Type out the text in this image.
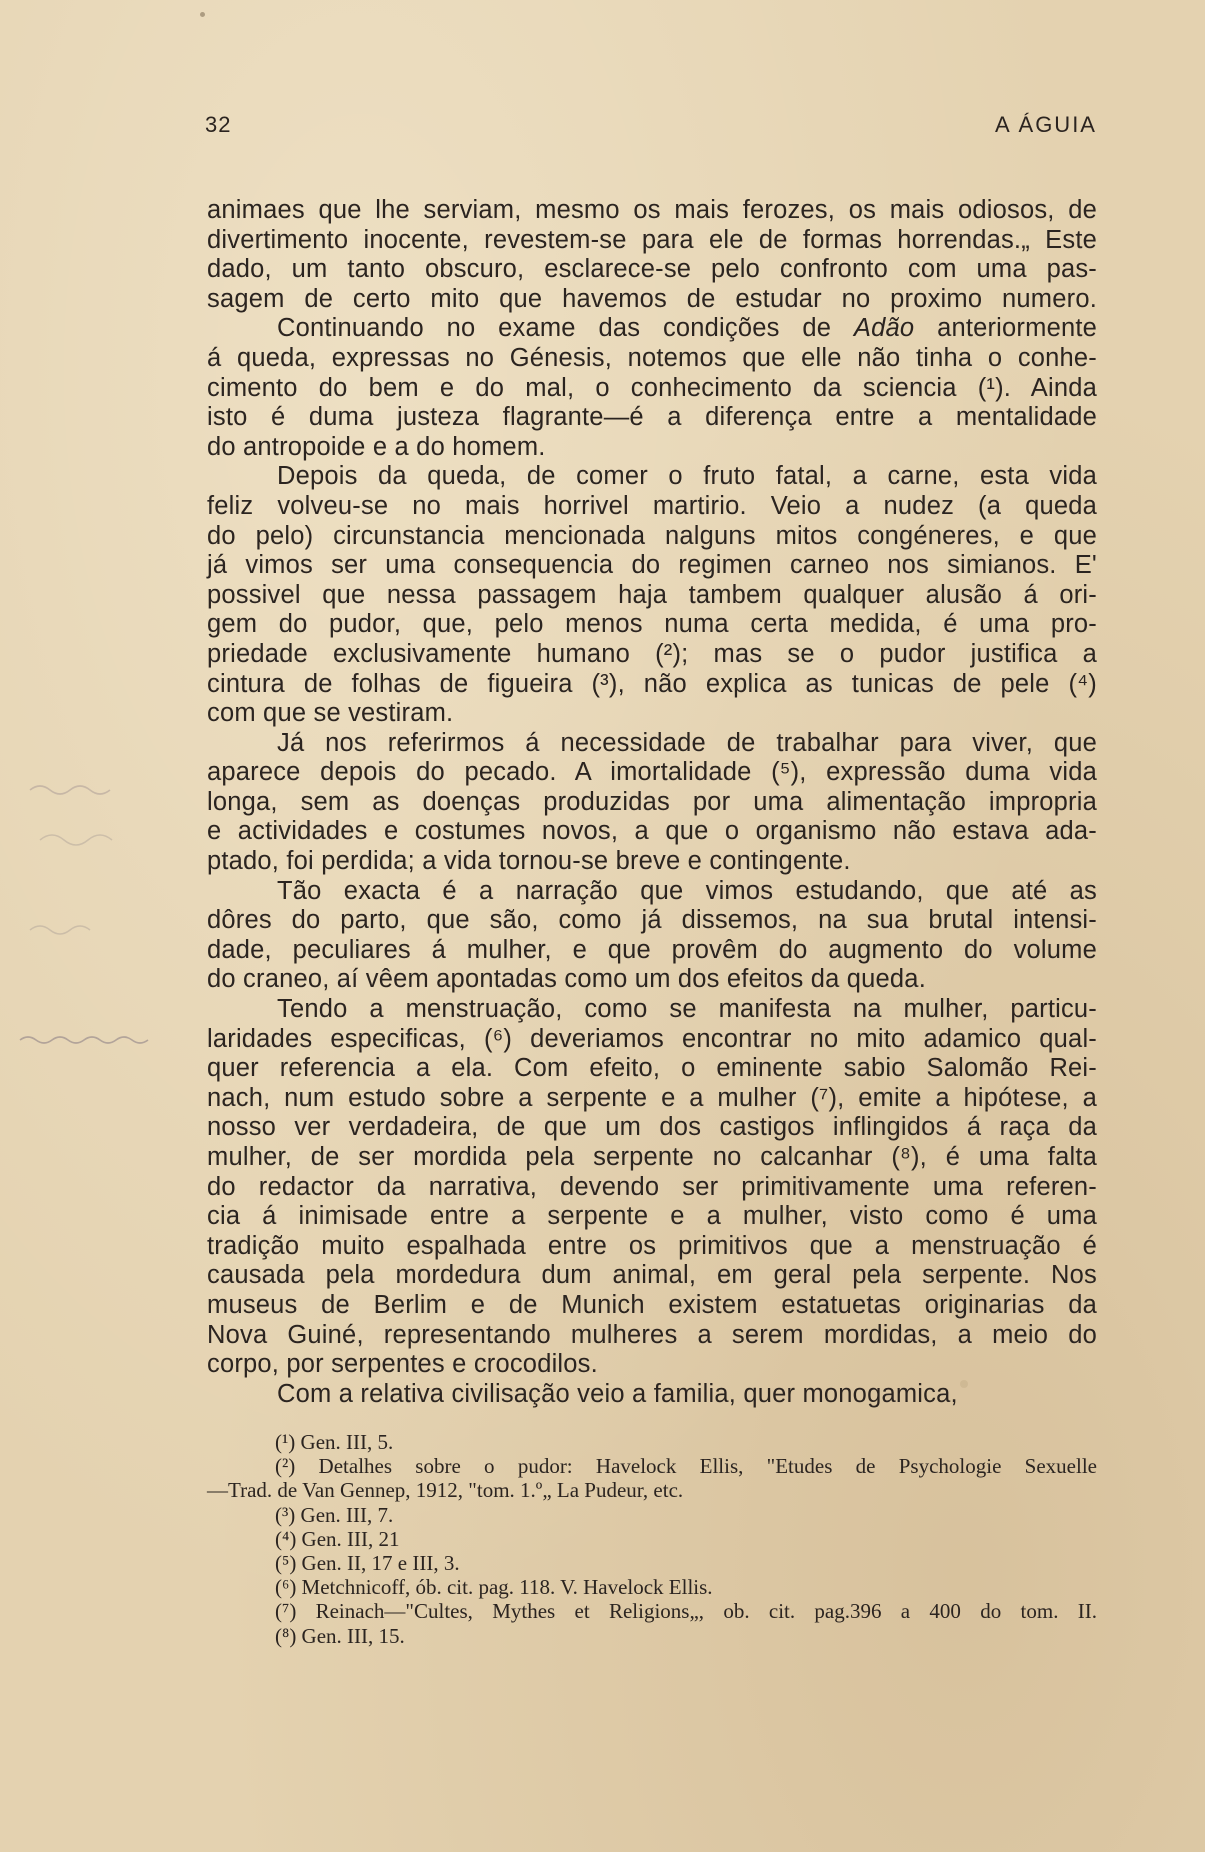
32	A ÁGUIA
animaes que lhe serviam, mesmo os mais ferozes, os mais odiosos, de
divertimento inocente, revestem-se para ele de formas horrendas.„ Este
dado, um tanto obscuro, esclarece-se pelo confronto com uma pas-
sagem de certo mito que havemos de estudar no proximo numero.
Continuando no exame das condições de Adão anteriormente
á queda, expressas no Génesis, notemos que elle não tinha o conhe-
cimento do bem e do mal, o conhecimento da sciencia (¹). Ainda
isto é duma justeza flagrante—é a diferença entre a mentalidade
do antropoide e a do homem.
Depois da queda, de comer o fruto fatal, a carne, esta vida
feliz volveu-se no mais horrivel martirio. Veio a nudez (a queda
do pelo) circunstancia mencionada nalguns mitos congéneres, e que
já vimos ser uma consequencia do regimen carneo nos simianos. E'
possivel que nessa passagem haja tambem qualquer alusão á ori-
gem do pudor, que, pelo menos numa certa medida, é uma pro-
priedade exclusivamente humano (²); mas se o pudor justifica a
cintura de folhas de figueira (³), não explica as tunicas de pele (⁴)
com que se vestiram.
Já nos referirmos á necessidade de trabalhar para viver, que
aparece depois do pecado. A imortalidade (⁵), expressão duma vida
longa, sem as doenças produzidas por uma alimentação impropria
e actividades e costumes novos, a que o organismo não estava ada-
ptado, foi perdida; a vida tornou-se breve e contingente.
Tão exacta é a narração que vimos estudando, que até as
dôres do parto, que são, como já dissemos, na sua brutal intensi-
dade, peculiares á mulher, e que provêm do augmento do volume
do craneo, aí vêem apontadas como um dos efeitos da queda.
Tendo a menstruação, como se manifesta na mulher, particu-
laridades especificas, (⁶) deveriamos encontrar no mito adamico qual-
quer referencia a ela. Com efeito, o eminente sabio Salomão Rei-
nach, num estudo sobre a serpente e a mulher (⁷), emite a hipótese, a
nosso ver verdadeira, de que um dos castigos inflingidos á raça da
mulher, de ser mordida pela serpente no calcanhar (⁸), é uma falta
do redactor da narrativa, devendo ser primitivamente uma referen-
cia á inimisade entre a serpente e a mulher, visto como é uma
tradição muito espalhada entre os primitivos que a menstruação é
causada pela mordedura dum animal, em geral pela serpente. Nos
museus de Berlim e de Munich existem estatuetas originarias da
Nova Guiné, representando mulheres a serem mordidas, a meio do
corpo, por serpentes e crocodilos.
Com a relativa civilisação veio a familia, quer monogamica,
(¹) Gen. III, 5.
(²) Detalhes sobre o pudor: Havelock Ellis, "Etudes de Psychologie Sexuelle
—Trad. de Van Gennep, 1912, "tom. 1.º„ La Pudeur, etc.
(³) Gen. III, 7.
(⁴) Gen. III, 21
(⁵) Gen. II, 17 e III, 3.
(⁶) Metchnicoff, ób. cit. pag. 118. V. Havelock Ellis.
(⁷) Reinach—"Cultes, Mythes et Religions„, ob. cit. pag.396 a 400 do tom. II.
(⁸) Gen. III, 15.
